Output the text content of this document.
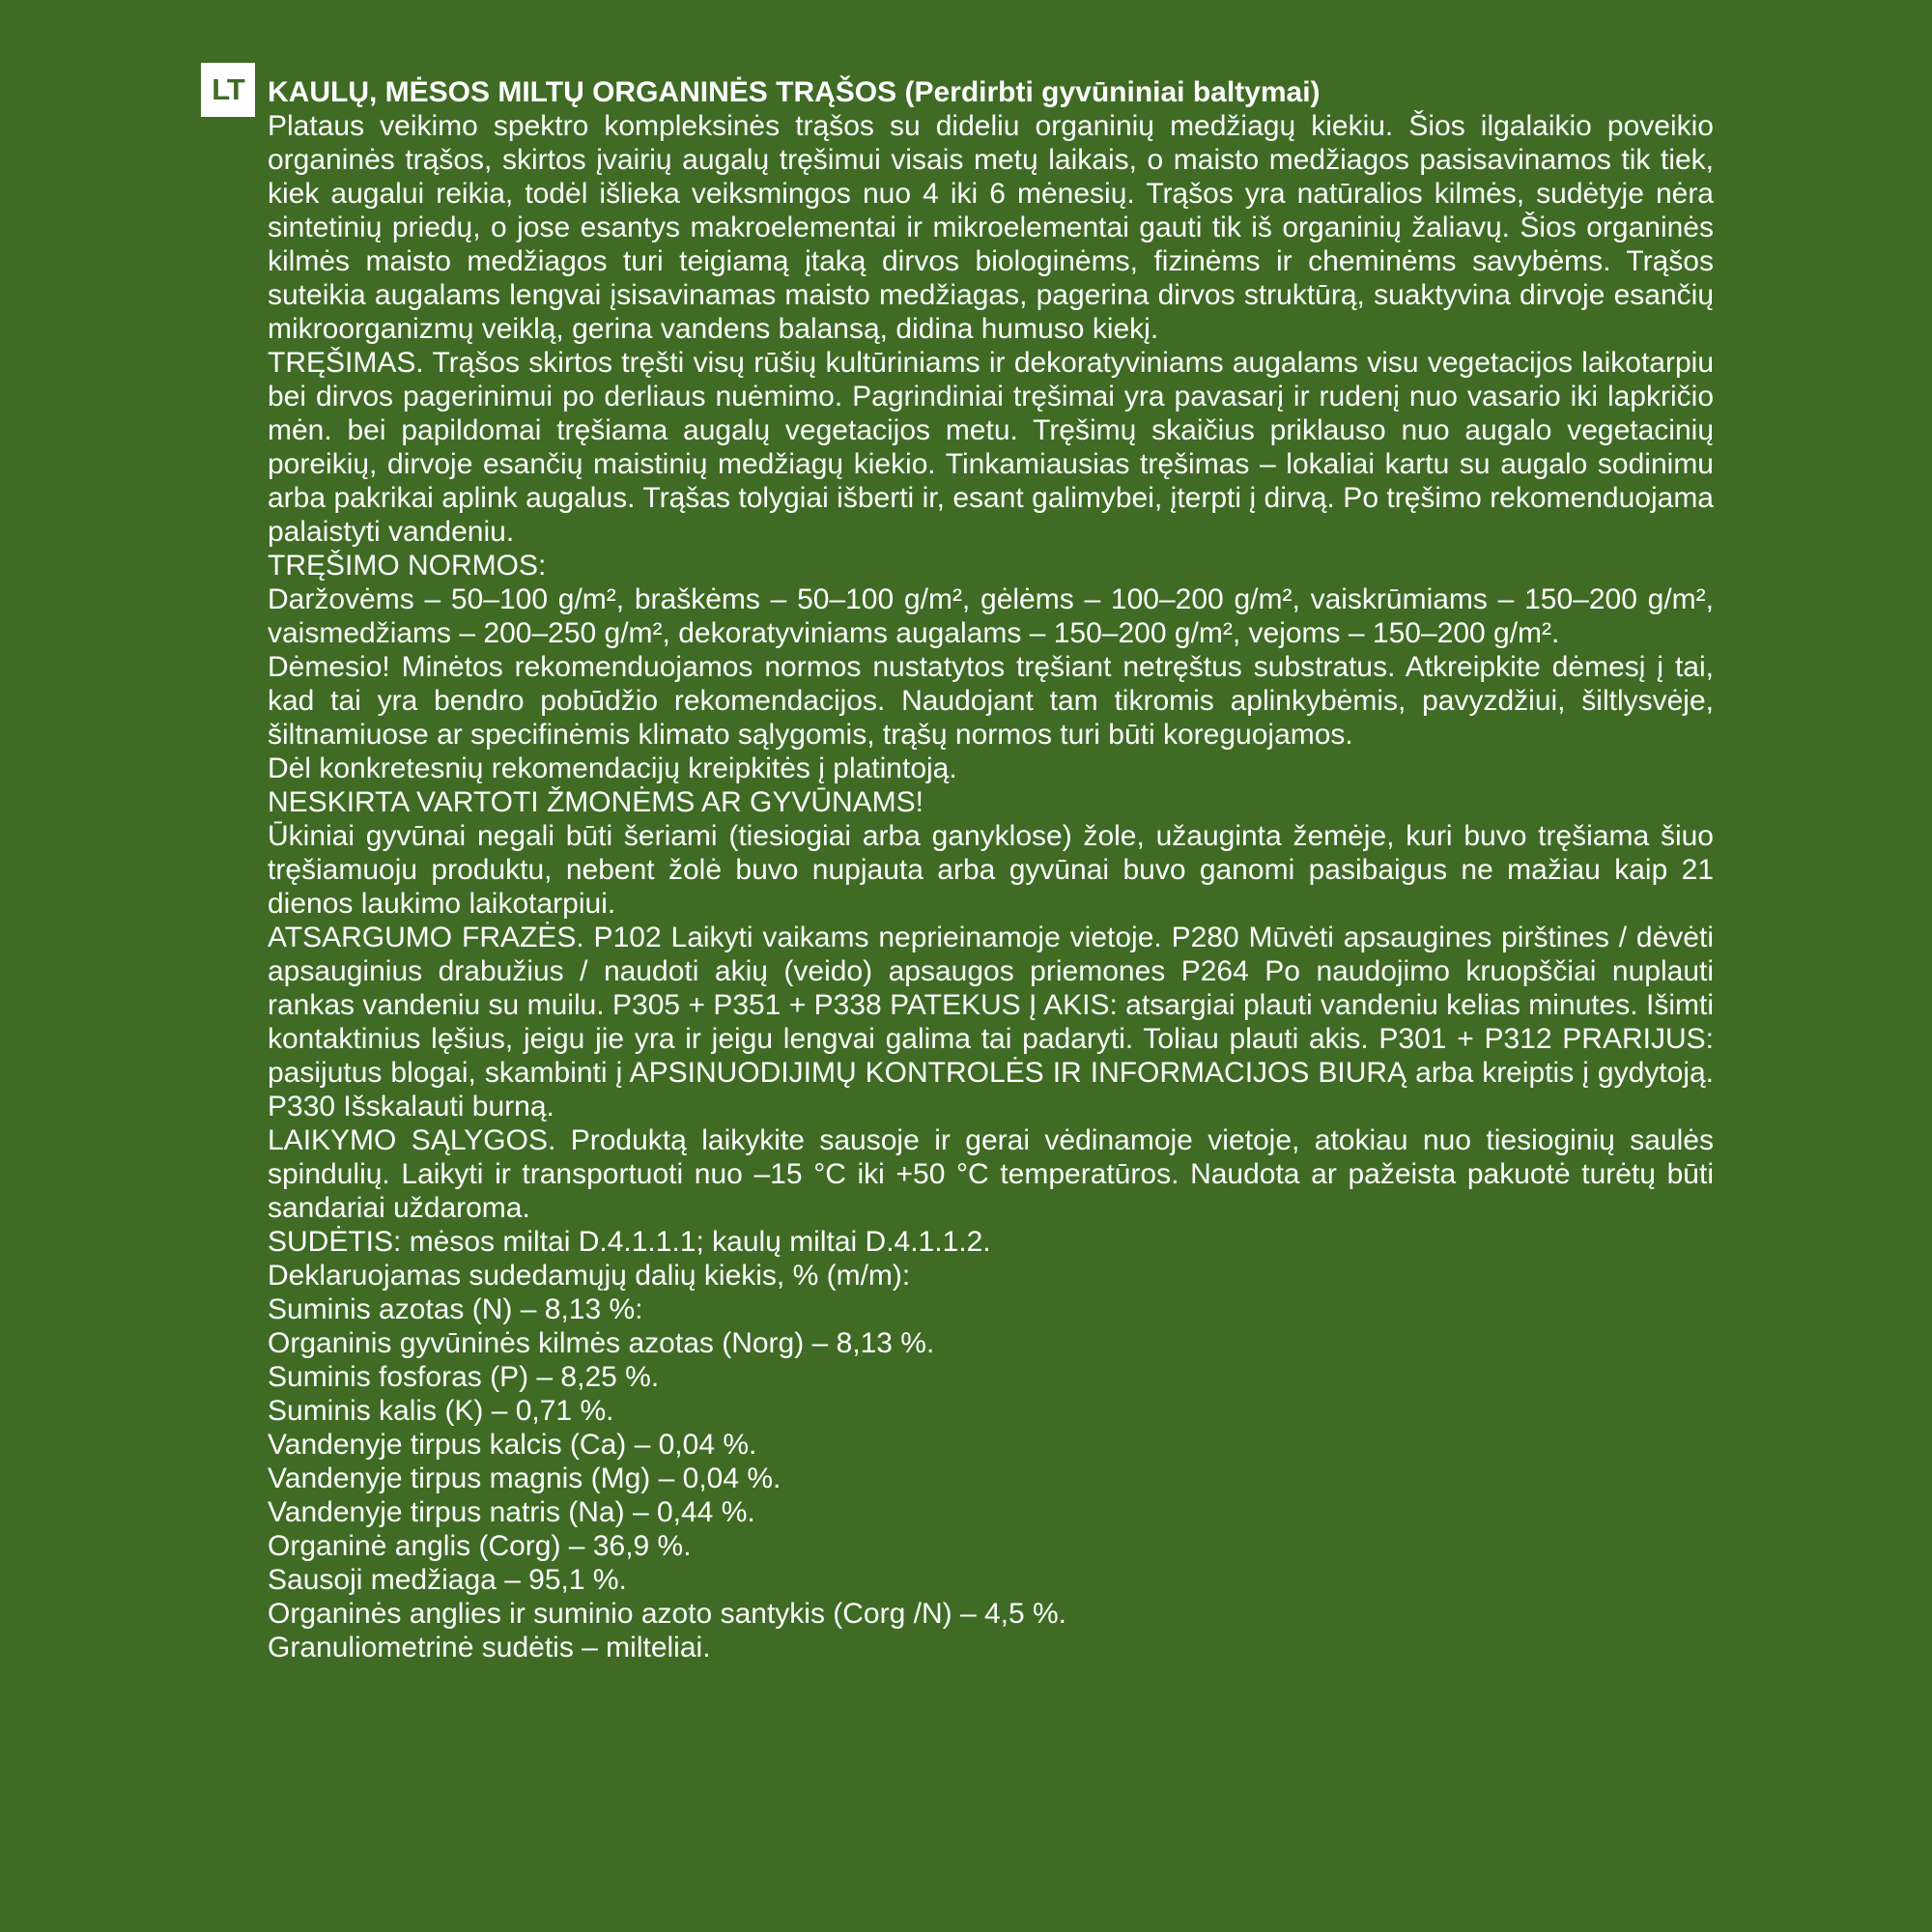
LT KAULŲ, MĖSOS MILTŲ ORGANINĖS TRĄŠOS (Perdirbti gyvūniniai baltymai)

Plataus veikimo spektro kompleksinės trąšos su dideliu organinių medžiagų kiekiu. Šios ilgalaikio poveikio organinės trąšos, skirtos įvairių augalų tręšimui visais metų laikais, o maisto medžiagos pasisavinamos tik tiek, kiek augalui reikia, todėl išlieka veiksmingos nuo 4 iki 6 mėnesių. Trąšos yra natūralios kilmės, sudėtyje nėra sintetinių priedų, o jose esantys makroelementai ir mikroelementai gauti tik iš organinių žaliavų. Šios organinės kilmės maisto medžiagos turi teigiamą įtaką dirvos biologinėms, fizinėms ir cheminėms savybėms. Trąšos suteikia augalams lengvai įsisavinamas maisto medžiagas, pagerina dirvos struktūrą, suaktyvina dirvoje esančių mikroorganizmų veiklą, gerina vandens balansą, didina humuso kiekį.

TRĘŠIMAS. Trąšos skirtos tręšti visų rūšių kultūriniams ir dekoratyviniams augalams visu vegetacijos laikotarpiu bei dirvos pagerinimui po derliaus nuėmimo. Pagrindiniai tręšimai yra pavasarį ir rudenį nuo vasario iki lapkričio mėn. bei papildomai tręšiama augalų vegetacijos metu. Tręšimų skaičius priklauso nuo augalo vegetacinių poreikių, dirvoje esančių maistinių medžiagų kiekio. Tinkamiausias tręšimas – lokaliai kartu su augalo sodinimu arba pakrikai aplink augalus. Trąšas tolygiai išberti ir, esant galimybei, įterpti į dirvą. Po tręšimo rekomenduojama palaistyti vandeniu.

TRĘŠIMO NORMOS:

Daržovėms – 50–100 g/m², braškėms – 50–100 g/m², gėlėms – 100–200 g/m², vaiskrūmiams – 150–200 g/m², vaismedžiams – 200–250 g/m², dekoratyviniams augalams – 150–200 g/m², vejoms – 150–200 g/m².

Dėmesio! Minėtos rekomenduojamos normos nustatytos tręšiant netręštus substratus. Atkreipkite dėmesį į tai, kad tai yra bendro pobūdžio rekomendacijos. Naudojant tam tikromis aplinkybėmis, pavyzdžiui, šiltlysvėje, šiltnamiuose ar specifinėmis klimato sąlygomis, trąšų normos turi būti koreguojamos.

Dėl konkretesnių rekomendacijų kreipkitės į platintoją.

NESKIRTA VARTOTI ŽMONĖMS AR GYVŪNAMS!

Ūkiniai gyvūnai negali būti šeriami (tiesiogiai arba ganyklose) žole, užauginta žemėje, kuri buvo tręšiama šiuo tręšiamuoju produktu, nebent žolė buvo nupjauta arba gyvūnai buvo ganomi pasibaigus ne mažiau kaip 21 dienos laukimo laikotarpiui.

ATSARGUMO FRAZĖS. P102 Laikyti vaikams neprieinamoje vietoje. P280 Mūvėti apsaugines pirštines / dėvėti apsauginius drabužius / naudoti akių (veido) apsaugos priemones P264 Po naudojimo kruopščiai nuplauti rankas vandeniu su muilu. P305 + P351 + P338 PATEKUS Į AKIS: atsargiai plauti vandeniu kelias minutes. Išimti kontaktinius lęšius, jeigu jie yra ir jeigu lengvai galima tai padaryti. Toliau plauti akis. P301 + P312 PRARIJUS: pasijutus blogai, skambinti į APSINUODIJIMŲ KONTROLĖS IR INFORMACIJOS BIURĄ arba kreiptis į gydytoją. P330 Išskalauti burną.

LAIKYMO SĄLYGOS. Produktą laikykite sausoje ir gerai vėdinamoje vietoje, atokiau nuo tiesioginių saulės spindulių. Laikyti ir transportuoti nuo –15 °C iki +50 °C temperatūros. Naudota ar pažeista pakuotė turėtų būti sandariai uždaroma.

SUDĖTIS: mėsos miltai D.4.1.1.1; kaulų miltai D.4.1.1.2.

Deklaruojamas sudedamųjų dalių kiekis, % (m/m):

Suminis azotas (N) – 8,13 %:

Organinis gyvūninės kilmės azotas (Norg) – 8,13 %.

Suminis fosforas (P) – 8,25 %.

Suminis kalis (K) – 0,71 %.

Vandenyje tirpus kalcis (Ca) – 0,04 %.

Vandenyje tirpus magnis (Mg) – 0,04 %.

Vandenyje tirpus natris (Na) – 0,44 %.

Organinė anglis (Corg) – 36,9 %.

Sausoji medžiaga – 95,1 %.

Organinės anglies ir suminio azoto santykis (Corg /N) – 4,5 %.

Granuliometrinė sudėtis – milteliai.
